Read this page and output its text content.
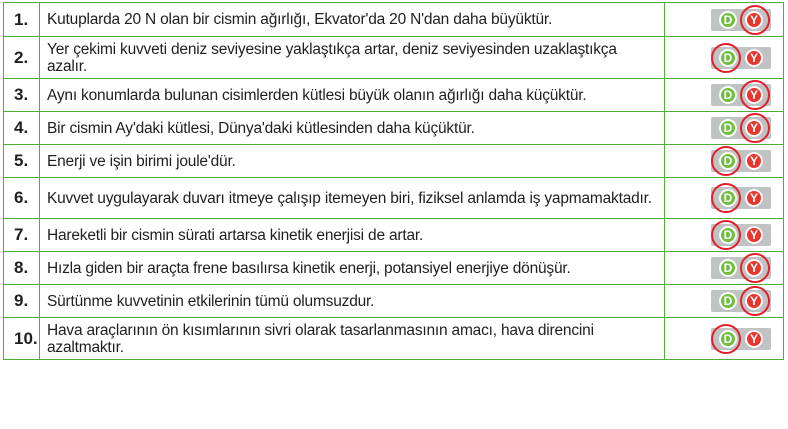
1.	Kutuplarda 20 N olan bir cismin ağırlığı, Ekvator'da 20 N'dan daha büyüktür.	D	Y
2.	Yer çekimi kuvveti deniz seviyesine yaklaştıkça artar, deniz seviyesinden uzaklaştıkça azalır.	D	Y
3.	Aynı konumlarda bulunan cisimlerden kütlesi büyük olanın ağırlığı daha küçüktür.	D	Y
4.	Bir cismin Ay'daki kütlesi, Dünya'daki kütlesinden daha küçüktür.	D	Y
5.	Enerji ve işin birimi joule'dür.	D	Y
6.	Kuvvet uygulayarak duvarı itmeye çalışıp itemeyen biri, fiziksel anlamda iş yapmamaktadır.	D	Y
7.	Hareketli bir cismin sürati artarsa kinetik enerjisi de artar.	D	Y
8.	Hızla giden bir araçta frene basılırsa kinetik enerji, potansiyel enerjiye dönüşür.	D	Y
9.	Sürtünme kuvvetinin etkilerinin tümü olumsuzdur.	D	Y
10. Hava araçlarının ön kısımlarının sivri olarak tasarlanmasının amacı, hava direncini azaltmaktır.	D	Y
